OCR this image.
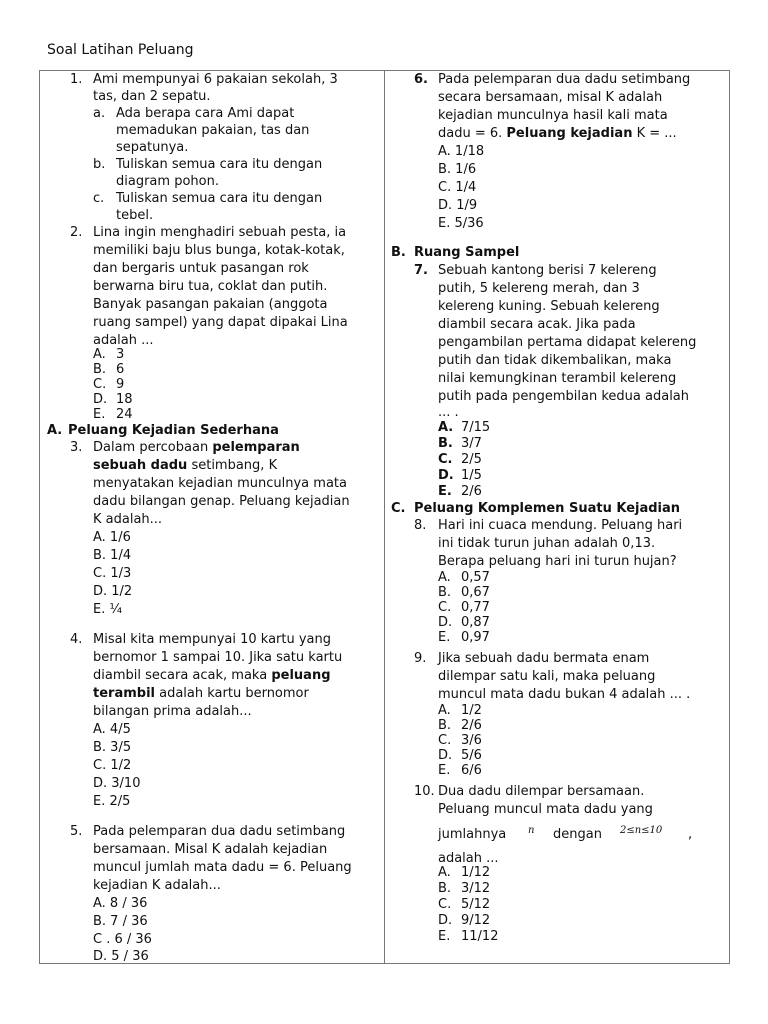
Soal Latihan Peluang
1. Ami mempunyai 6 pakaian sekolah, 3
tas, dan 2 sepatu.
a. Ada berapa cara Ami dapat
memadukan pakaian, tas dan
sepatunya.
b. Tuliskan semua cara itu dengan
diagram pohon.
c. Tuliskan semua cara itu dengan
tebel.
2. Lina ingin menghadiri sebuah pesta, ia
memiliki baju blus bunga, kotak-kotak,
dan bergaris untuk pasangan rok
berwarna biru tua, coklat dan putih.
Banyak pasangan pakaian (anggota
ruang sampel) yang dapat dipakai Lina
adalah ...
A. 3
B. 6
C. 9
D. 18
E. 24
A. Peluang Kejadian Sederhana
3. Dalam percobaan pelemparan
sebuah dadu setimbang, K
menyatakan kejadian munculnya mata
dadu bilangan genap. Peluang kejadian
K adalah...
A. 1/6
B. 1/4
C. 1/3
D. 1/2
E. ¼
4. Misal kita mempunyai 10 kartu yang
bernomor 1 sampai 10. Jika satu kartu
diambil secara acak, maka peluang
terambil adalah kartu bernomor
bilangan prima adalah...
A. 4/5
B. 3/5
C. 1/2
D. 3/10
E. 2/5
5. Pada pelemparan dua dadu setimbang
bersamaan. Misal K adalah kejadian
muncul jumlah mata dadu = 6. Peluang
kejadian K adalah...
A. 8 / 36
B. 7 / 36
C . 6 / 36
D. 5 / 36
6. Pada pelemparan dua dadu setimbang
secara bersamaan, misal K adalah
kejadian munculnya hasil kali mata
dadu = 6. Peluang kejadian K = ...
A. 1/18
B. 1/6
C. 1/4
D. 1/9
E. 5/36
B. Ruang Sampel
7. Sebuah kantong berisi 7 kelereng
putih, 5 kelereng merah, dan 3
kelereng kuning. Sebuah kelereng
diambil secara acak. Jika pada
pengambilan pertama didapat kelereng
putih dan tidak dikembalikan, maka
nilai kemungkinan terambil kelereng
putih pada pengembilan kedua adalah
... .
A. 7/15
B. 3/7
C. 2/5
D. 1/5
E. 2/6
C. Peluang Komplemen Suatu Kejadian
8. Hari ini cuaca mendung. Peluang hari
ini tidak turun juhan adalah 0,13.
Berapa peluang hari ini turun hujan?
A. 0,57
B. 0,67
C. 0,77
D. 0,87
E. 0,97
9. Jika sebuah dadu bermata enam
dilempar satu kali, maka peluang
muncul mata dadu bukan 4 adalah ... .
A. 1/2
B. 2/6
C. 3/6
D. 5/6
E. 6/6
10. Dua dadu dilempar bersamaan.
Peluang muncul mata dadu yang
jumlahnya n dengan 2≤n≤10 ,
adalah ...
A. 1/12
B. 3/12
C. 5/12
D. 9/12
E. 11/12
